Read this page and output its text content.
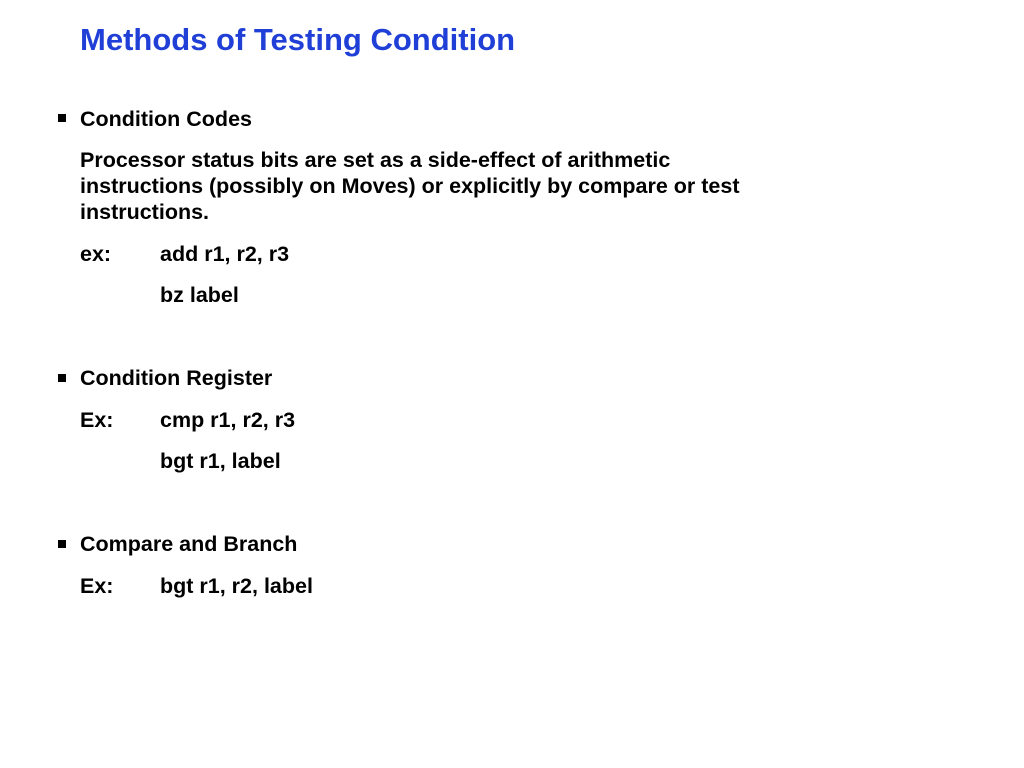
Methods of Testing Condition
Condition Codes
Processor status bits are set as a side-effect of arithmetic
instructions (possibly on Moves) or explicitly by compare or test
instructions.
ex: add r1, r2, r3
bz label
Condition Register
Ex: cmp r1, r2, r3
bgt r1, label
Compare and Branch
Ex: bgt r1, r2, label
